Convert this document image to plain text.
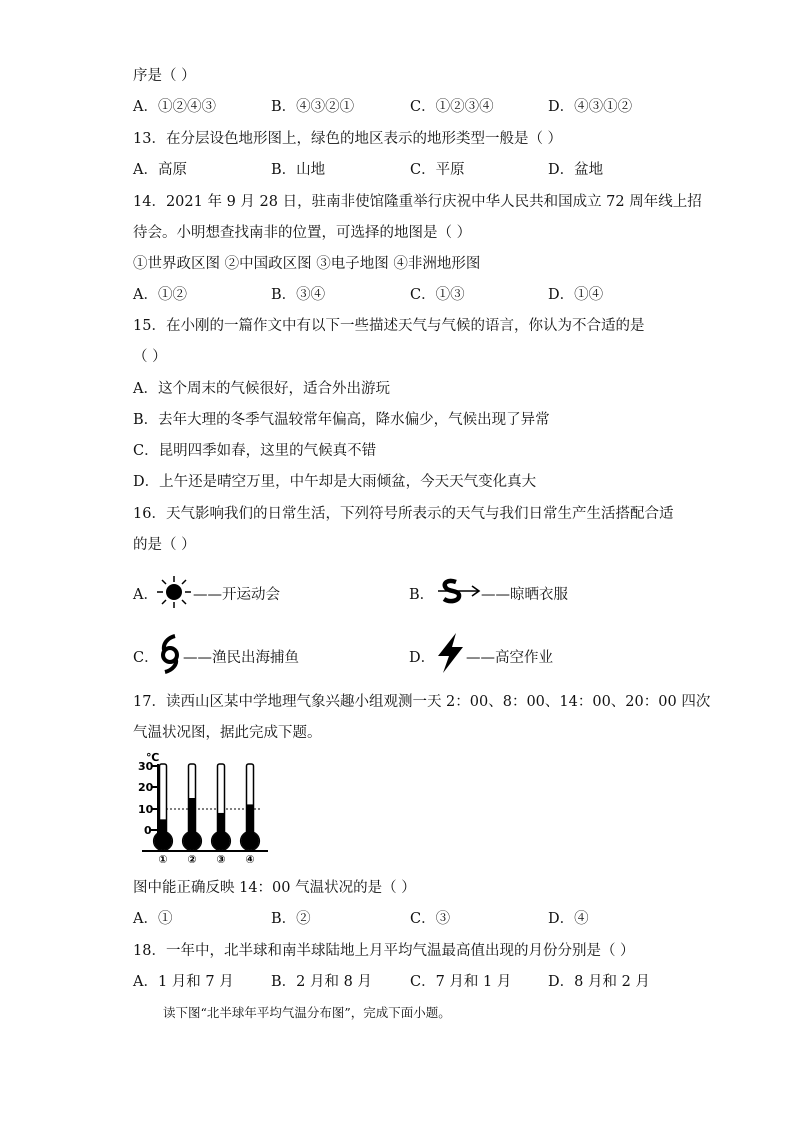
序是（ ）
A．①②④③	B．④③②①	C．①②③④	D．④③①②
13．在分层设色地形图上，绿色的地区表示的地形类型一般是（ ）
A．高原	B．山地	C．平原	D．盆地
14．2021 年 9 月 28 日，驻南非使馆隆重举行庆祝中华人民共和国成立 72 周年线上招
待会。小明想查找南非的位置，可选择的地图是（ ）
①世界政区图 ②中国政区图 ③电子地图 ④非洲地形图
A．①②	B．③④	C．①③	D．①④
15．在小刚的一篇作文中有以下一些描述天气与气候的语言，你认为不合适的是
（ ）
A．这个周末的气候很好，适合外出游玩
B．去年大理的冬季气温较常年偏高，降水偏少，气候出现了异常
C．昆明四季如春，这里的气候真不错
D．上午还是晴空万里，中午却是大雨倾盆，今天天气变化真大
16．天气影响我们的日常生活，下列符号所表示的天气与我们日常生产生活搭配合适
的是（ ）
A． ——开运动会	B．	——晾晒衣服
C． ——渔民出海捕鱼	D． ——高空作业
17．读西山区某中学地理气象兴趣小组观测一天 2：00、8：00、14：00、20：00 四次
气温状况图，据此完成下题。
℃
30
20
10
0
① ② ③ ④
图中能正确反映 14：00 气温状况的是（ ）
A．①	B．②	C．③	D．④
18．一年中，北半球和南半球陆地上月平均气温最高值出现的月份分别是（ ）
A．1 月和 7 月	B．2 月和 8 月	C．7 月和 1 月	D．8 月和 2 月
读下图“北半球年平均气温分布图”，完成下面小题。
